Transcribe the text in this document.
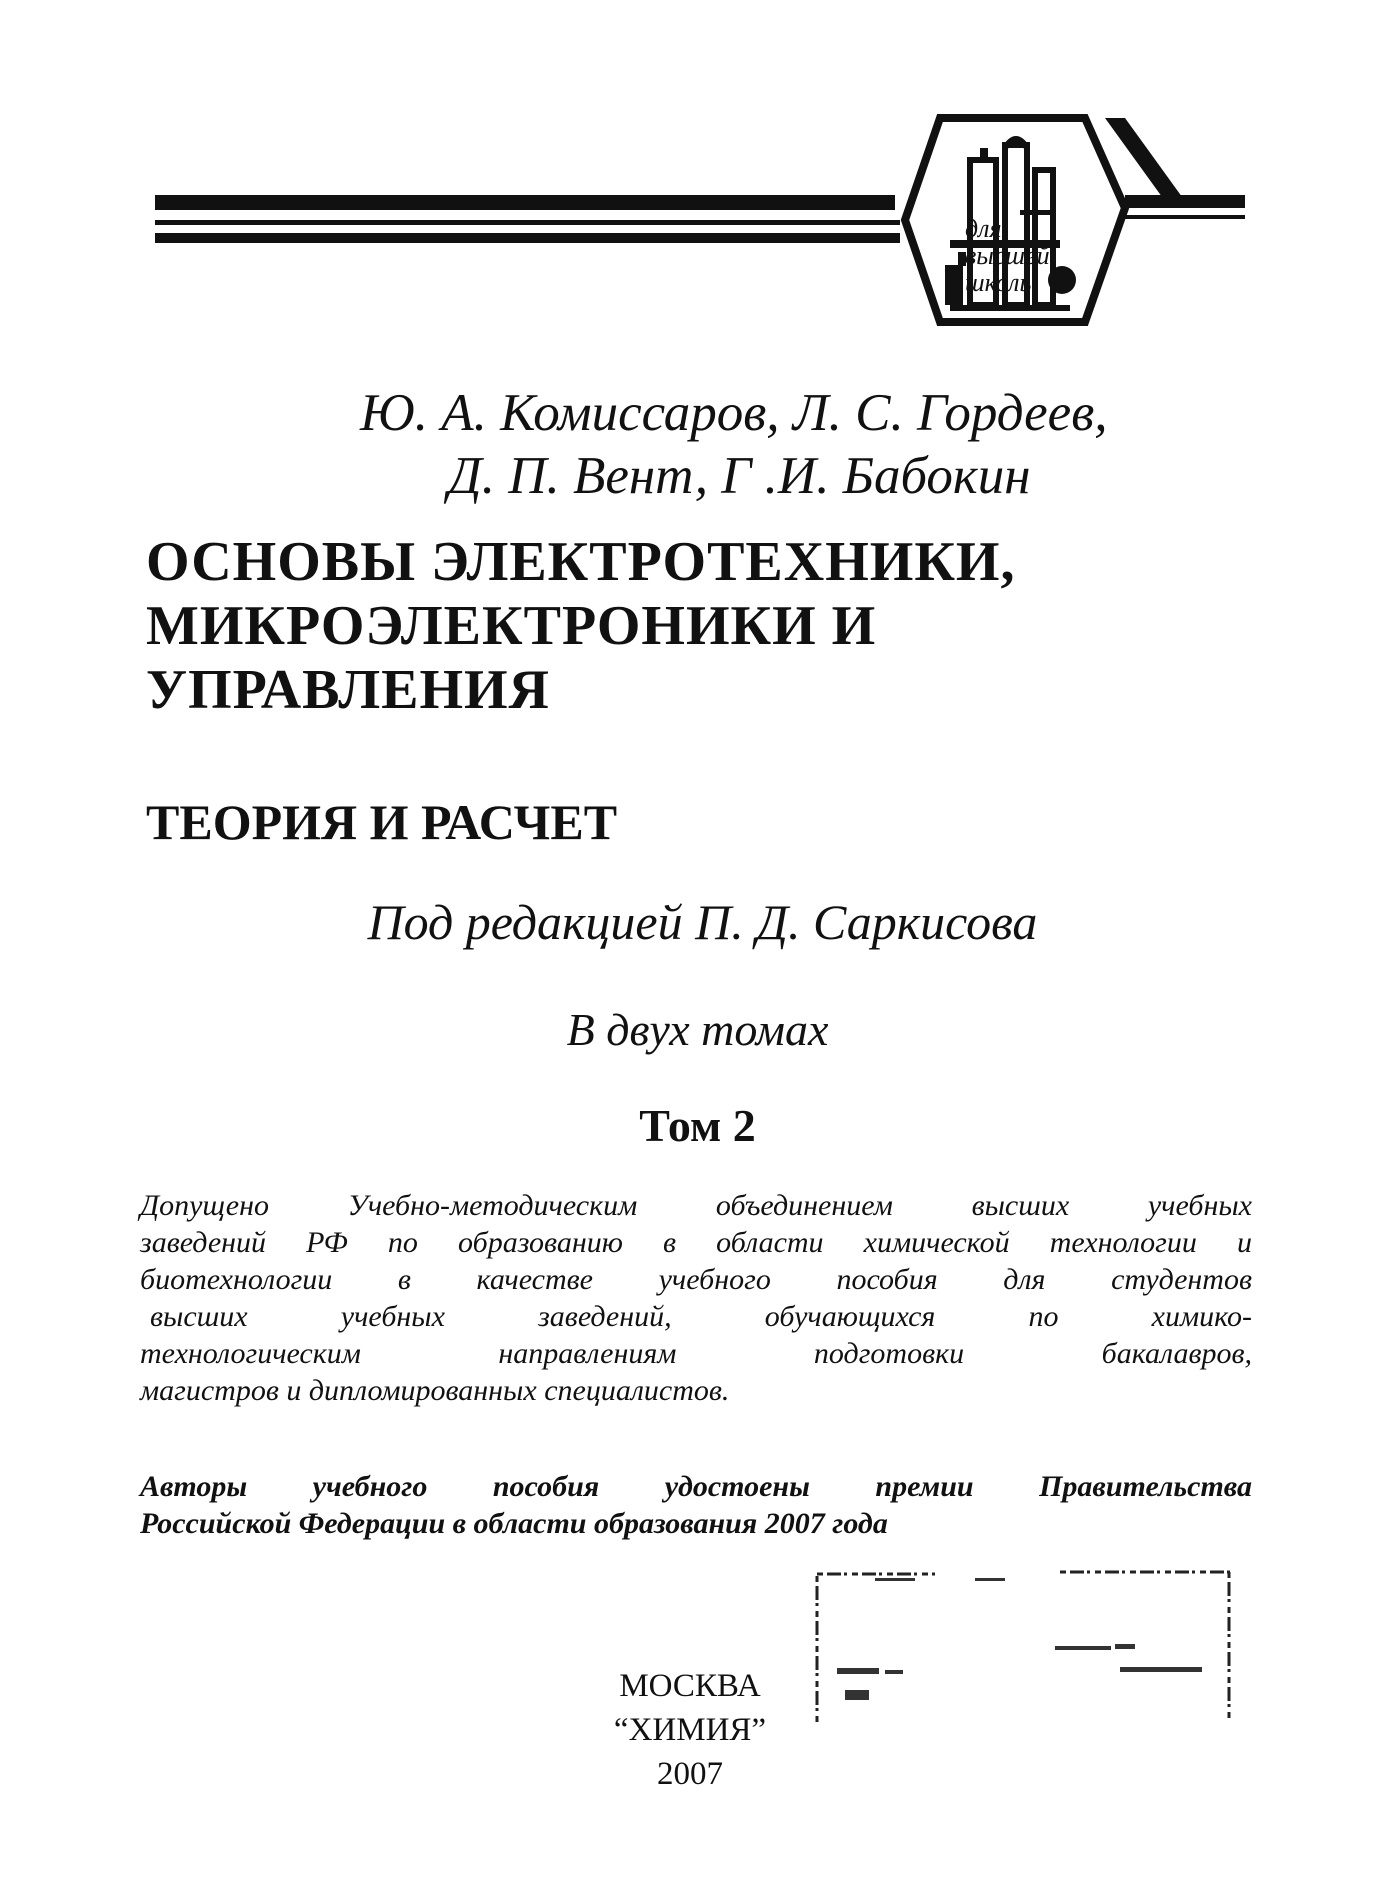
для
высшей
школы
Ю. А. Комиссаров, Л. С. Гордеев,
Д. П. Вент, Г .И. Бабокин
ОСНОВЫ ЭЛЕКТРОТЕХНИКИ,
МИКРОЭЛЕКТРОНИКИ И
УПРАВЛЕНИЯ
ТЕОРИЯ И РАСЧЕТ
Под редакцией П. Д. Саркисова
В двух томах
Том 2
Допущено Учебно-методическим объединением высших учебных
заведений РФ по образованию в области химической технологии и
биотехнологии в качестве учебного пособия для студентов
высших учебных заведений, обучающихся по химико-
технологическим направлениям подготовки бакалавров,
магистров и дипломированных специалистов.
Авторы учебного пособия удостоены премии Правительства
Российской Федерации в области образования 2007 года
МОСКВА
“ХИМИЯ”
2007
